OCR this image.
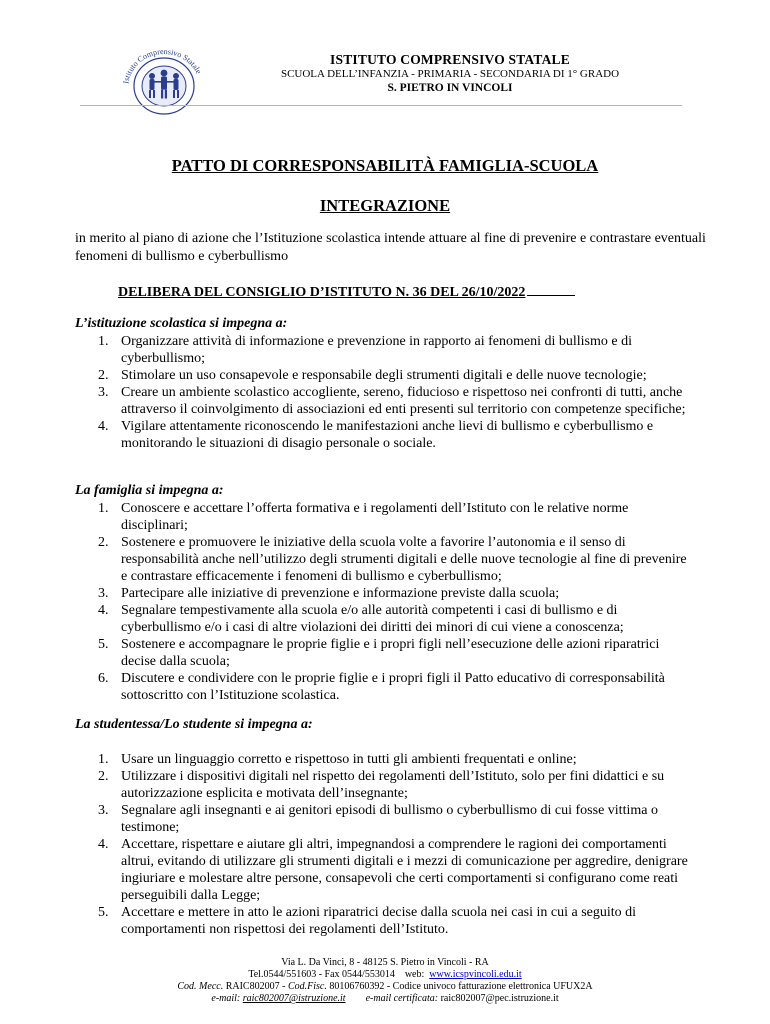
Istituto Comprensivo Statale
ISTITUTO COMPRENSIVO STATALE
SCUOLA DELL’INFANZIA - PRIMARIA - SECONDARIA DI 1° GRADO
S. PIETRO IN VINCOLI
PATTO DI CORRESPONSABILITÀ FAMIGLIA-SCUOLA
INTEGRAZIONE
in merito al piano di azione che l’Istituzione scolastica intende attuare al fine di prevenire e contrastare eventuali fenomeni di bullismo e cyberbullismo
DELIBERA DEL CONSIGLIO D’ISTITUTO N. 36 DEL 26/10/2022
L’istituzione scolastica si impegna a:
1. Organizzare attività di informazione e prevenzione in rapporto ai fenomeni di bullismo e di cyberbullismo;
2. Stimolare un uso consapevole e responsabile degli strumenti digitali e delle nuove tecnologie;
3. Creare un ambiente scolastico accogliente, sereno, fiducioso e rispettoso nei confronti di tutti, anche attraverso il coinvolgimento di associazioni ed enti presenti sul territorio con competenze specifiche;
4. Vigilare attentamente riconoscendo le manifestazioni anche lievi di bullismo e cyberbullismo e monitorando le situazioni di disagio personale o sociale.
La famiglia si impegna a:
1. Conoscere e accettare l’offerta formativa e i regolamenti dell’Istituto con le relative norme disciplinari;
2. Sostenere e promuovere le iniziative della scuola volte a favorire l’autonomia e il senso di responsabilità anche nell’utilizzo degli strumenti digitali e delle nuove tecnologie al fine di prevenire e contrastare efficacemente i fenomeni di bullismo e cyberbullismo;
3. Partecipare alle iniziative di prevenzione e informazione previste dalla scuola;
4. Segnalare tempestivamente alla scuola e/o alle autorità competenti i casi di bullismo e di cyberbullismo e/o i casi di altre violazioni dei diritti dei minori di cui viene a conoscenza;
5. Sostenere e accompagnare le proprie figlie e i propri figli nell’esecuzione delle azioni riparatrici decise dalla scuola;
6. Discutere e condividere con le proprie figlie e i propri figli il Patto educativo di corresponsabilità sottoscritto con l’Istituzione scolastica.
La studentessa/Lo studente si impegna a:
1. Usare un linguaggio corretto e rispettoso in tutti gli ambienti frequentati e online;
2. Utilizzare i dispositivi digitali nel rispetto dei regolamenti dell’Istituto, solo per fini didattici e su autorizzazione esplicita e motivata dell’insegnante;
3. Segnalare agli insegnanti e ai genitori episodi di bullismo o cyberbullismo di cui fosse vittima o testimone;
4. Accettare, rispettare e aiutare gli altri, impegnandosi a comprendere le ragioni dei comportamenti altrui, evitando di utilizzare gli strumenti digitali e i mezzi di comunicazione per aggredire, denigrare ingiuriare e molestare altre persone, consapevoli che certi comportamenti si configurano come reati perseguibili dalla Legge;
5. Accettare e mettere in atto le azioni riparatrici decise dalla scuola nei casi in cui a seguito di comportamenti non rispettosi dei regolamenti dell’Istituto.
Via L. Da Vinci, 8 - 48125 S. Pietro in Vincoli - RA
Tel.0544/551603 - Fax 0544/553014 web: www.icspvincoli.edu.it
Cod. Mecc. RAIC802007 - Cod.Fisc. 80106760392 - Codice univoco fatturazione elettronica UFUX2A
e-mail: raic802007@istruzione.it e-mail certificata: raic802007@pec.istruzione.it
